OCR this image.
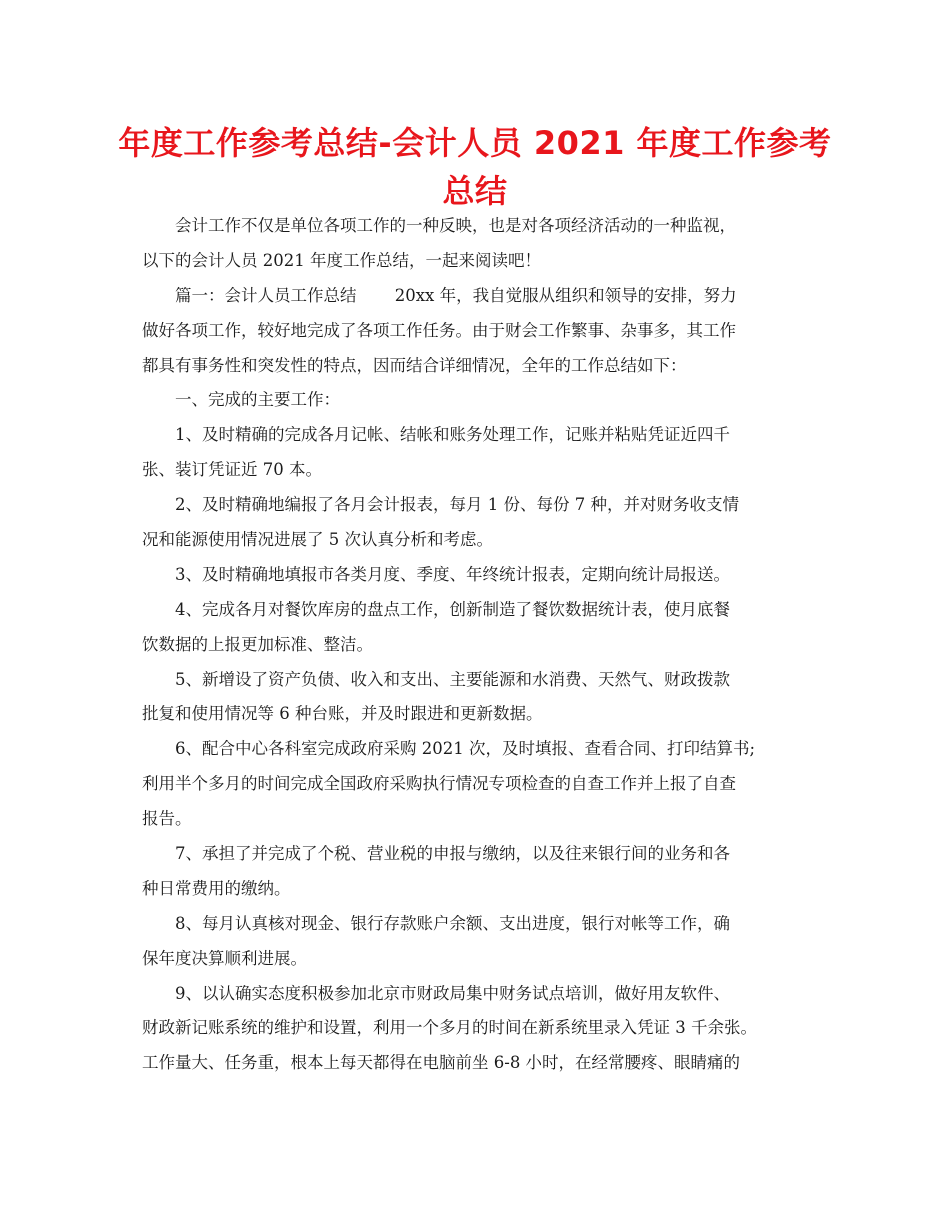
年度工作参考总结-会计人员 2021 年度工作参考
总结
会计工作不仅是单位各项工作的一种反映，也是对各项经济活动的一种监视，
以下的会计人员 2021 年度工作总结，一起来阅读吧！
篇一：会计人员工作总结　　 20xx 年，我自觉服从组织和领导的安排，努力
做好各项工作，较好地完成了各项工作任务。由于财会工作繁事、杂事多，其工作
都具有事务性和突发性的特点，因而结合详细情况，全年的工作总结如下：
一、完成的主要工作：
1、及时精确的完成各月记帐、结帐和账务处理工作，记账并粘贴凭证近四千
张、装订凭证近 70 本。
2、及时精确地编报了各月会计报表，每月 1 份、每份 7 种，并对财务收支情
况和能源使用情况进展了 5 次认真分析和考虑。
3、及时精确地填报市各类月度、季度、年终统计报表，定期向统计局报送。
4、完成各月对餐饮库房的盘点工作，创新制造了餐饮数据统计表，使月底餐
饮数据的上报更加标准、整洁。
5、新增设了资产负债、收入和支出、主要能源和水消费、天然气、财政拨款
批复和使用情况等 6 种台账，并及时跟进和更新数据。
6、配合中心各科室完成政府采购 2021 次，及时填报、查看合同、打印结算书;
利用半个多月的时间完成全国政府采购执行情况专项检查的自查工作并上报了自查
报告。
7、承担了并完成了个税、营业税的申报与缴纳，以及往来银行间的业务和各
种日常费用的缴纳。
8、每月认真核对现金、银行存款账户余额、支出进度，银行对帐等工作，确
保年度决算顺利进展。
9、以认确实态度积极参加北京市财政局集中财务试点培训，做好用友软件、
财政新记账系统的维护和设置，利用一个多月的时间在新系统里录入凭证 3 千余张。
工作量大、任务重，根本上每天都得在电脑前坐 6-8 小时，在经常腰疼、眼睛痛的
